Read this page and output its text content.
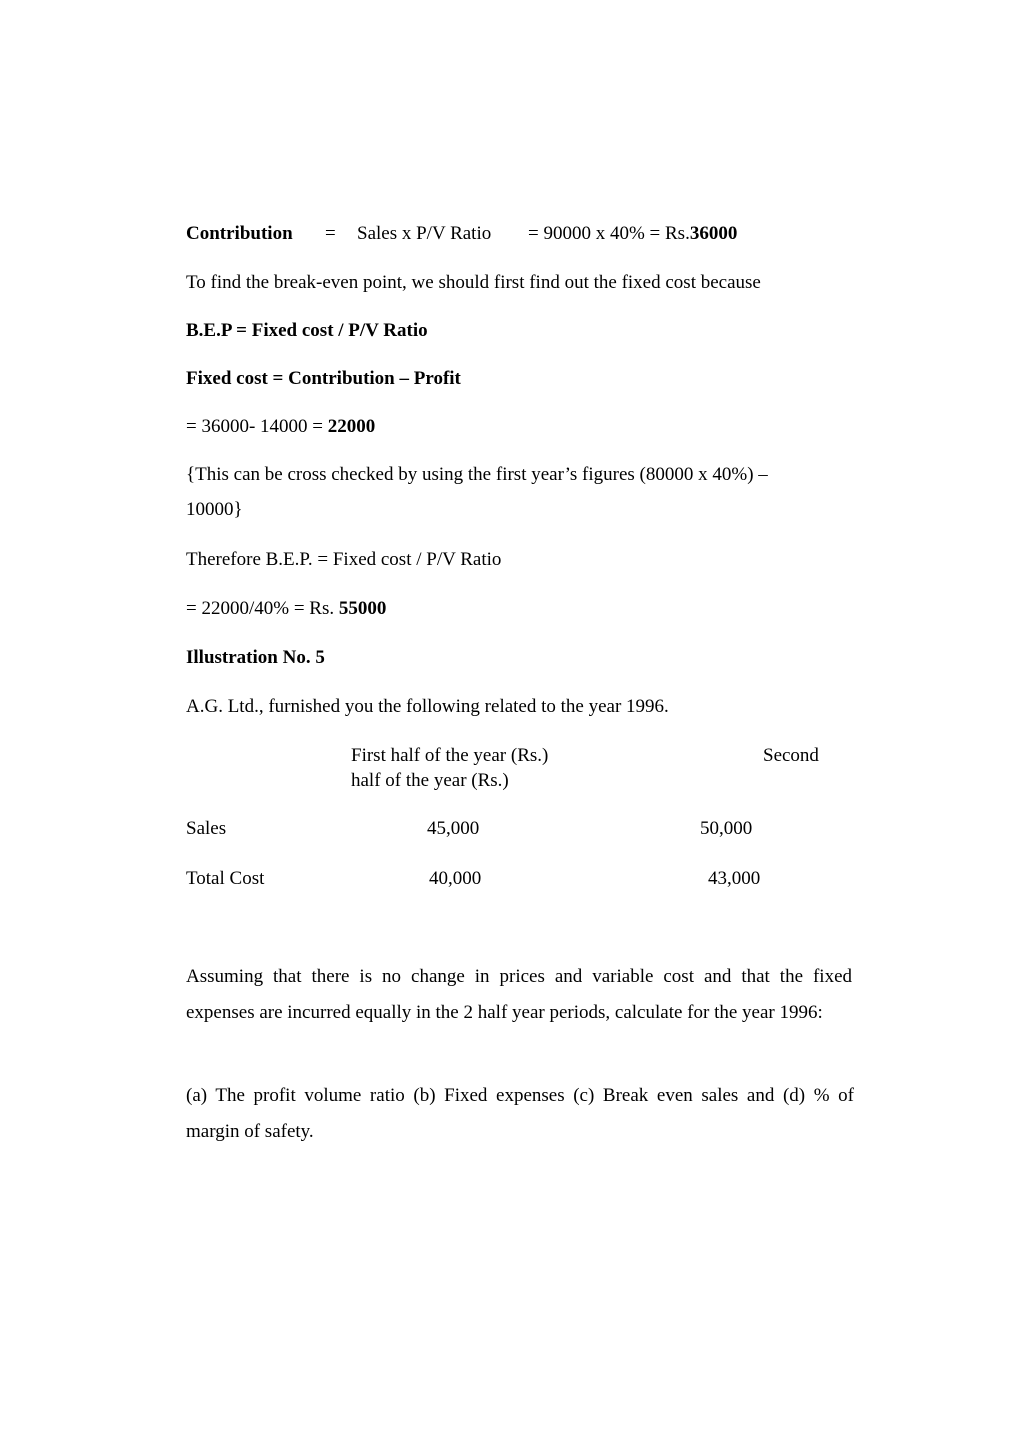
Contribution = Sales x P/V Ratio = 90000 x 40% = Rs.36000
To find the break-even point, we should first find out the fixed cost because
B.E.P = Fixed cost / P/V Ratio
Fixed cost = Contribution – Profit
= 36000- 14000 = 22000
{This can be cross checked by using the first year’s figures (80000 x 40%) –
10000}
Therefore B.E.P. = Fixed cost / P/V Ratio
= 22000/40% = Rs. 55000
Illustration No. 5
A.G. Ltd., furnished you the following related to the year 1996.
First half of the year (Rs.)	Second
half of the year (Rs.)
Sales	45,000	50,000
Total Cost	40,000	43,000
Assuming that there is no change in prices and variable cost and that the fixed expenses are incurred equally in the 2 half year periods, calculate for the year 1996:
(a) The profit volume ratio (b) Fixed expenses (c) Break even sales and (d) % of margin of safety.
